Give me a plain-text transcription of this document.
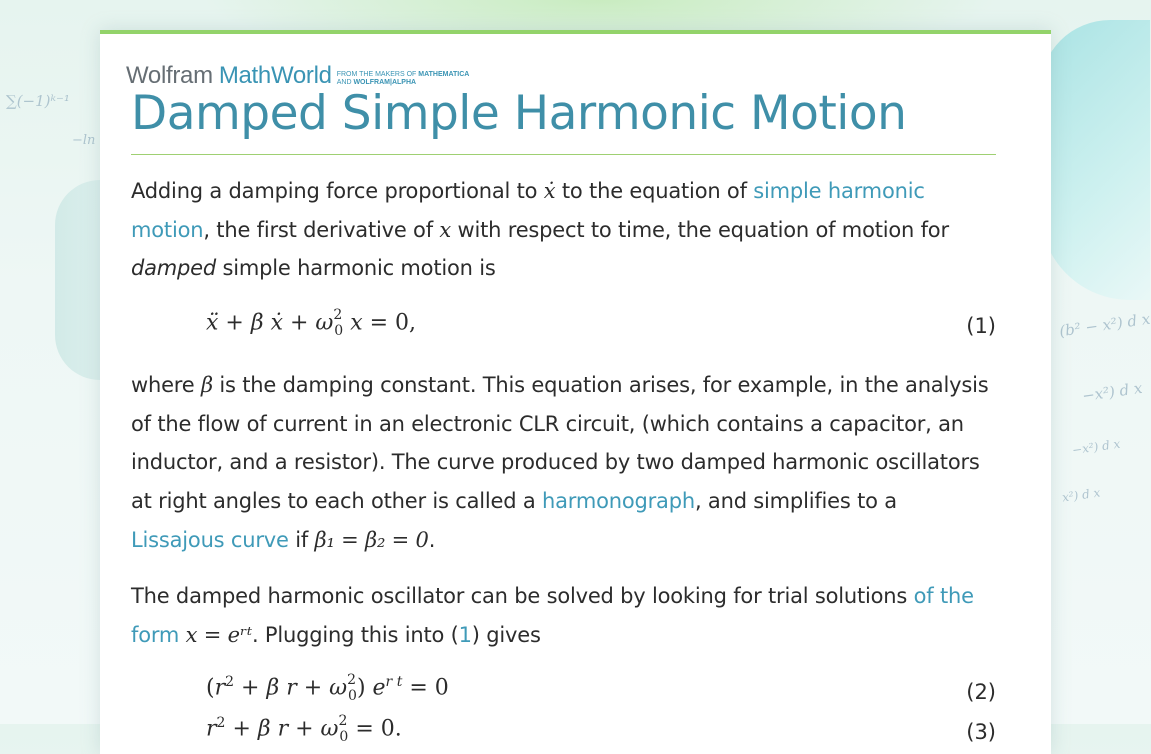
∑(−1)ᵏ⁻¹
−ln
(b² − x²) d x
−x²) d x
−x²) d x
x²) d x
Wolfram MathWorld FROM THE MAKERS OF MATHEMATICA
AND WOLFRAM|ALPHA
Damped Simple Harmonic Motion

Adding a damping force proportional to ẋ to the equation of simple harmonic motion, the first derivative of x with respect to time, the equation of motion for damped simple harmonic motion is

ẍ + β ẋ + $\omega^2_0$ x = 0,	(1)

where β is the damping constant. This equation arises, for example, in the analysis of the flow of current in an electronic CLR circuit, (which contains a capacitor, an inductor, and a resistor). The curve produced by two damped harmonic oscillators at right angles to each other is called a harmonograph, and simplifies to a Lissajous curve if β₁ = β₂ = 0.

The damped harmonic oscillator can be solved by looking for trial solutions of the form x = eʳᵗ. Plugging this into (1) gives

($r^2 + \beta$ $r + \omega^2_0$) $e^{r t} = 0$	(2)
$r^2 + \beta$ $r + \omega^2_0 = 0$.	(3)
